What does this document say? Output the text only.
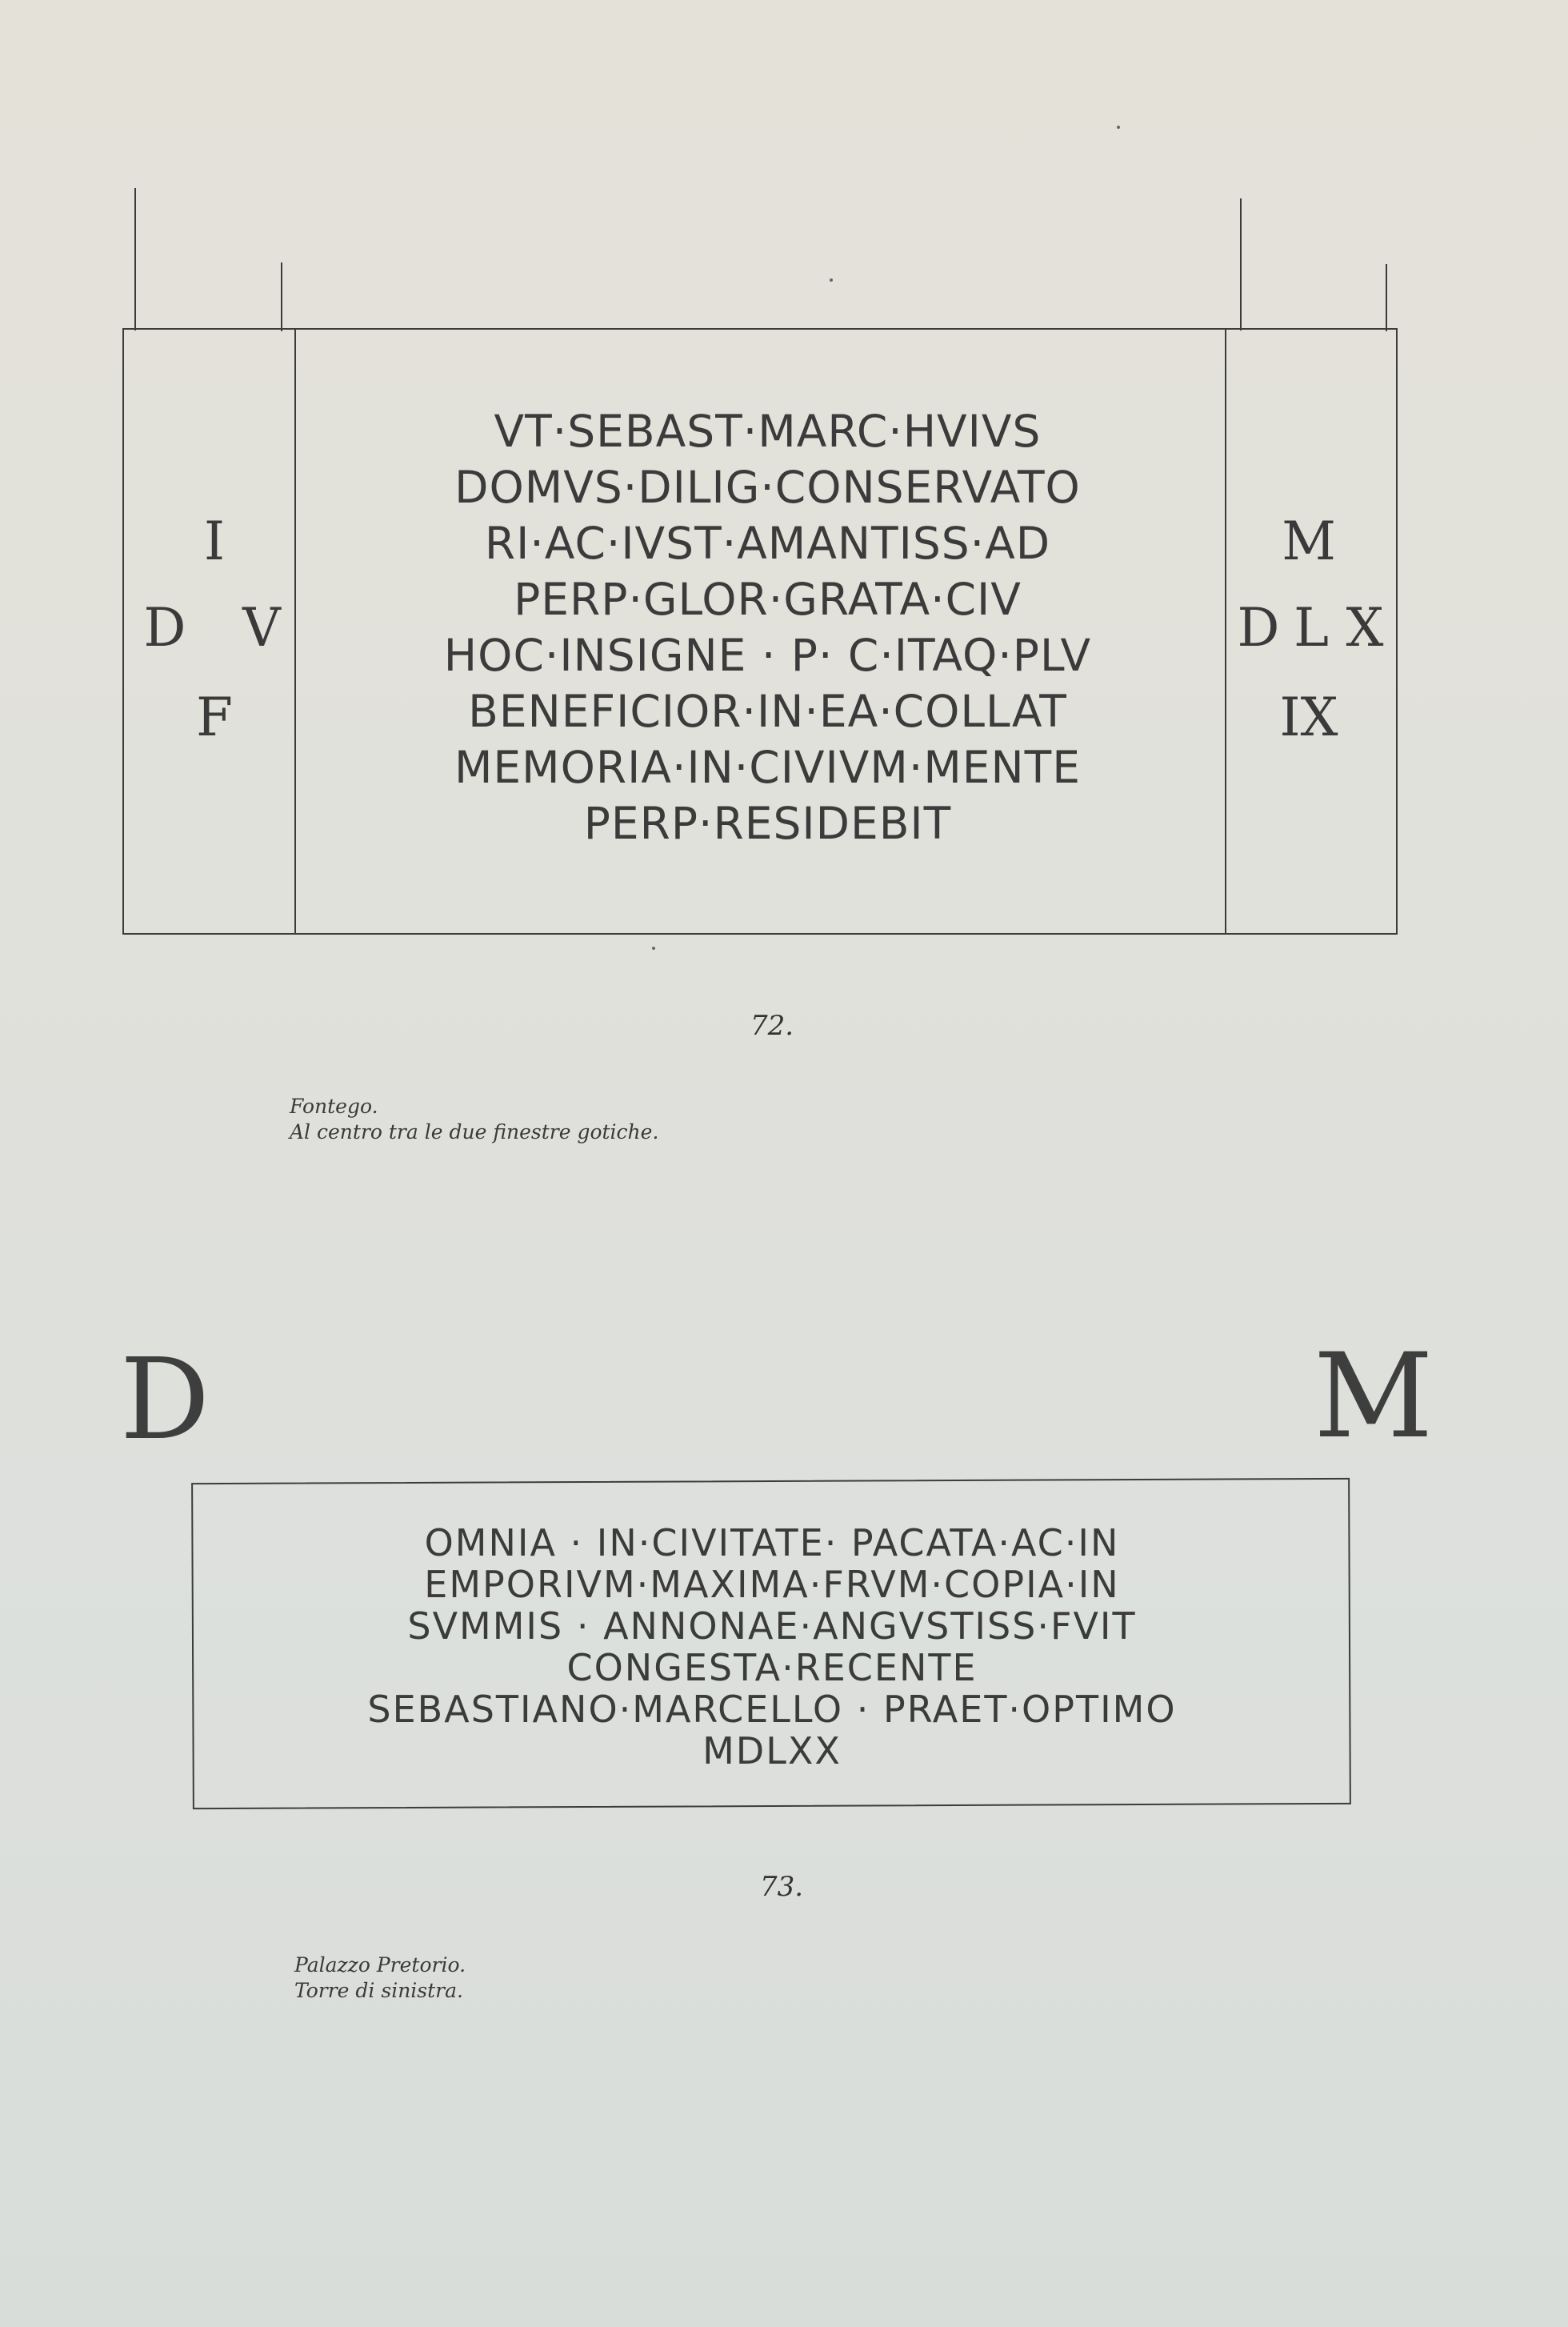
I
D V
F
VT·SEBAST·MARC·HVIVS
DOMVS·DILIG·CONSERVATO
RI·AC·IVST·AMANTISS·AD
PERP·GLOR·GRATA·CIV
HOC·INSIGNE · P· C·ITAQ·PLV
BENEFICIOR·IN·EA·COLLAT
MEMORIA·IN·CIVIVM·MENTE
PERP·RESIDEBIT
M
D L X
IX
72.
Fontego.
Al centro tra le due finestre gotiche.
D	M
OMNIA · IN·CIVITATE· PACATA·AC·IN
EMPORIVM·MAXIMA·FRVM·COPIA·IN
SVMMIS · ANNONAE·ANGVSTISS·FVIT
CONGESTA·RECENTE
SEBASTIANO·MARCELLO · PRAET·OPTIMO
MDLXX
73.
Palazzo Pretorio.
Torre di sinistra.
